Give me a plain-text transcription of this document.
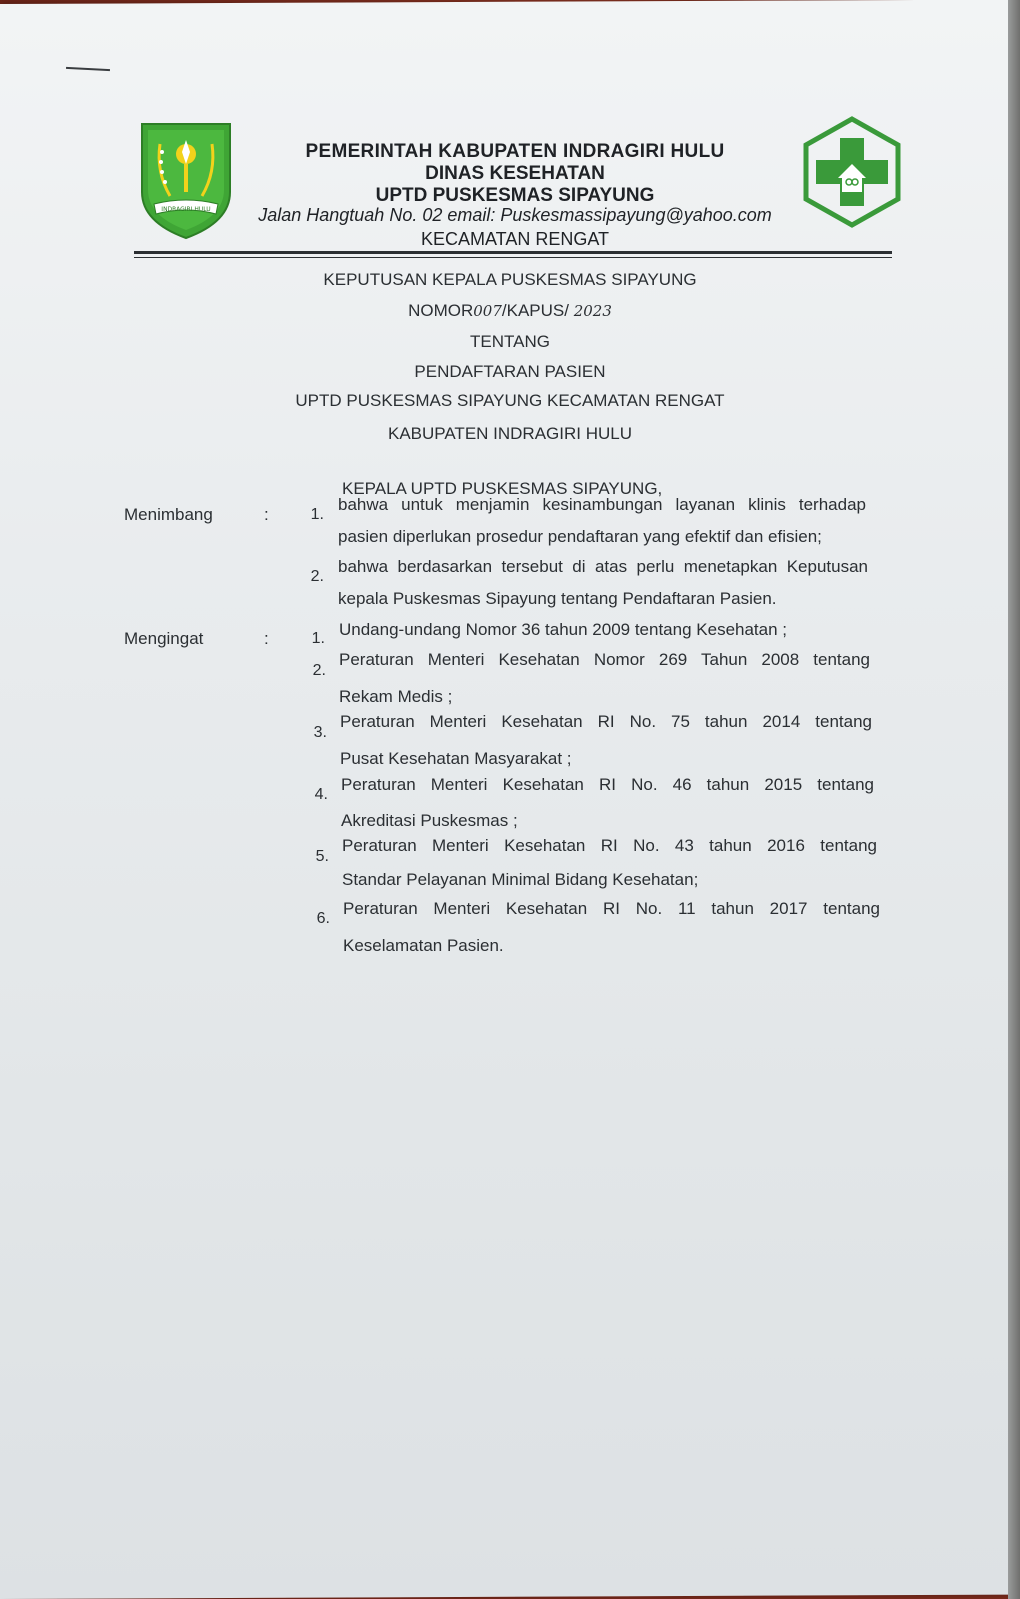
INDRAGIRI HULU
PEMERINTAH KABUPATEN INDRAGIRI HULU
DINAS KESEHATAN
UPTD PUSKESMAS SIPAYUNG
Jalan Hangtuah No. 02 email: Puskesmassipayung@yahoo.com
KECAMATAN RENGAT
KEPUTUSAN KEPALA PUSKESMAS SIPAYUNG
NOMOR007/KAPUS/ 2023
TENTANG
PENDAFTARAN PASIEN
UPTD PUSKESMAS SIPAYUNG KECAMATAN RENGAT
KABUPATEN INDRAGIRI HULU
KEPALA UPTD PUSKESMAS SIPAYUNG,
Menimbang	:	1.
bahwa untuk menjamin kesinambungan layanan klinis terhadap
pasien diperlukan prosedur pendaftaran yang efektif dan efisien;
2.
bahwa berdasarkan tersebut di atas perlu menetapkan Keputusan
kepala Puskesmas Sipayung tentang Pendaftaran Pasien.
Mengingat	:	1. Undang-undang Nomor 36 tahun 2009 tentang Kesehatan ;
2.
Peraturan Menteri Kesehatan Nomor 269 Tahun 2008 tentang
Rekam Medis ;
3.
Peraturan Menteri Kesehatan RI No. 75 tahun 2014 tentang
Pusat Kesehatan Masyarakat ;
4.
Peraturan Menteri Kesehatan RI No. 46 tahun 2015 tentang
Akreditasi Puskesmas ;
5.
Peraturan Menteri Kesehatan RI No. 43 tahun 2016 tentang
Standar Pelayanan Minimal Bidang Kesehatan;
6.
Peraturan Menteri Kesehatan RI No. 11 tahun 2017 tentang
Keselamatan Pasien.
